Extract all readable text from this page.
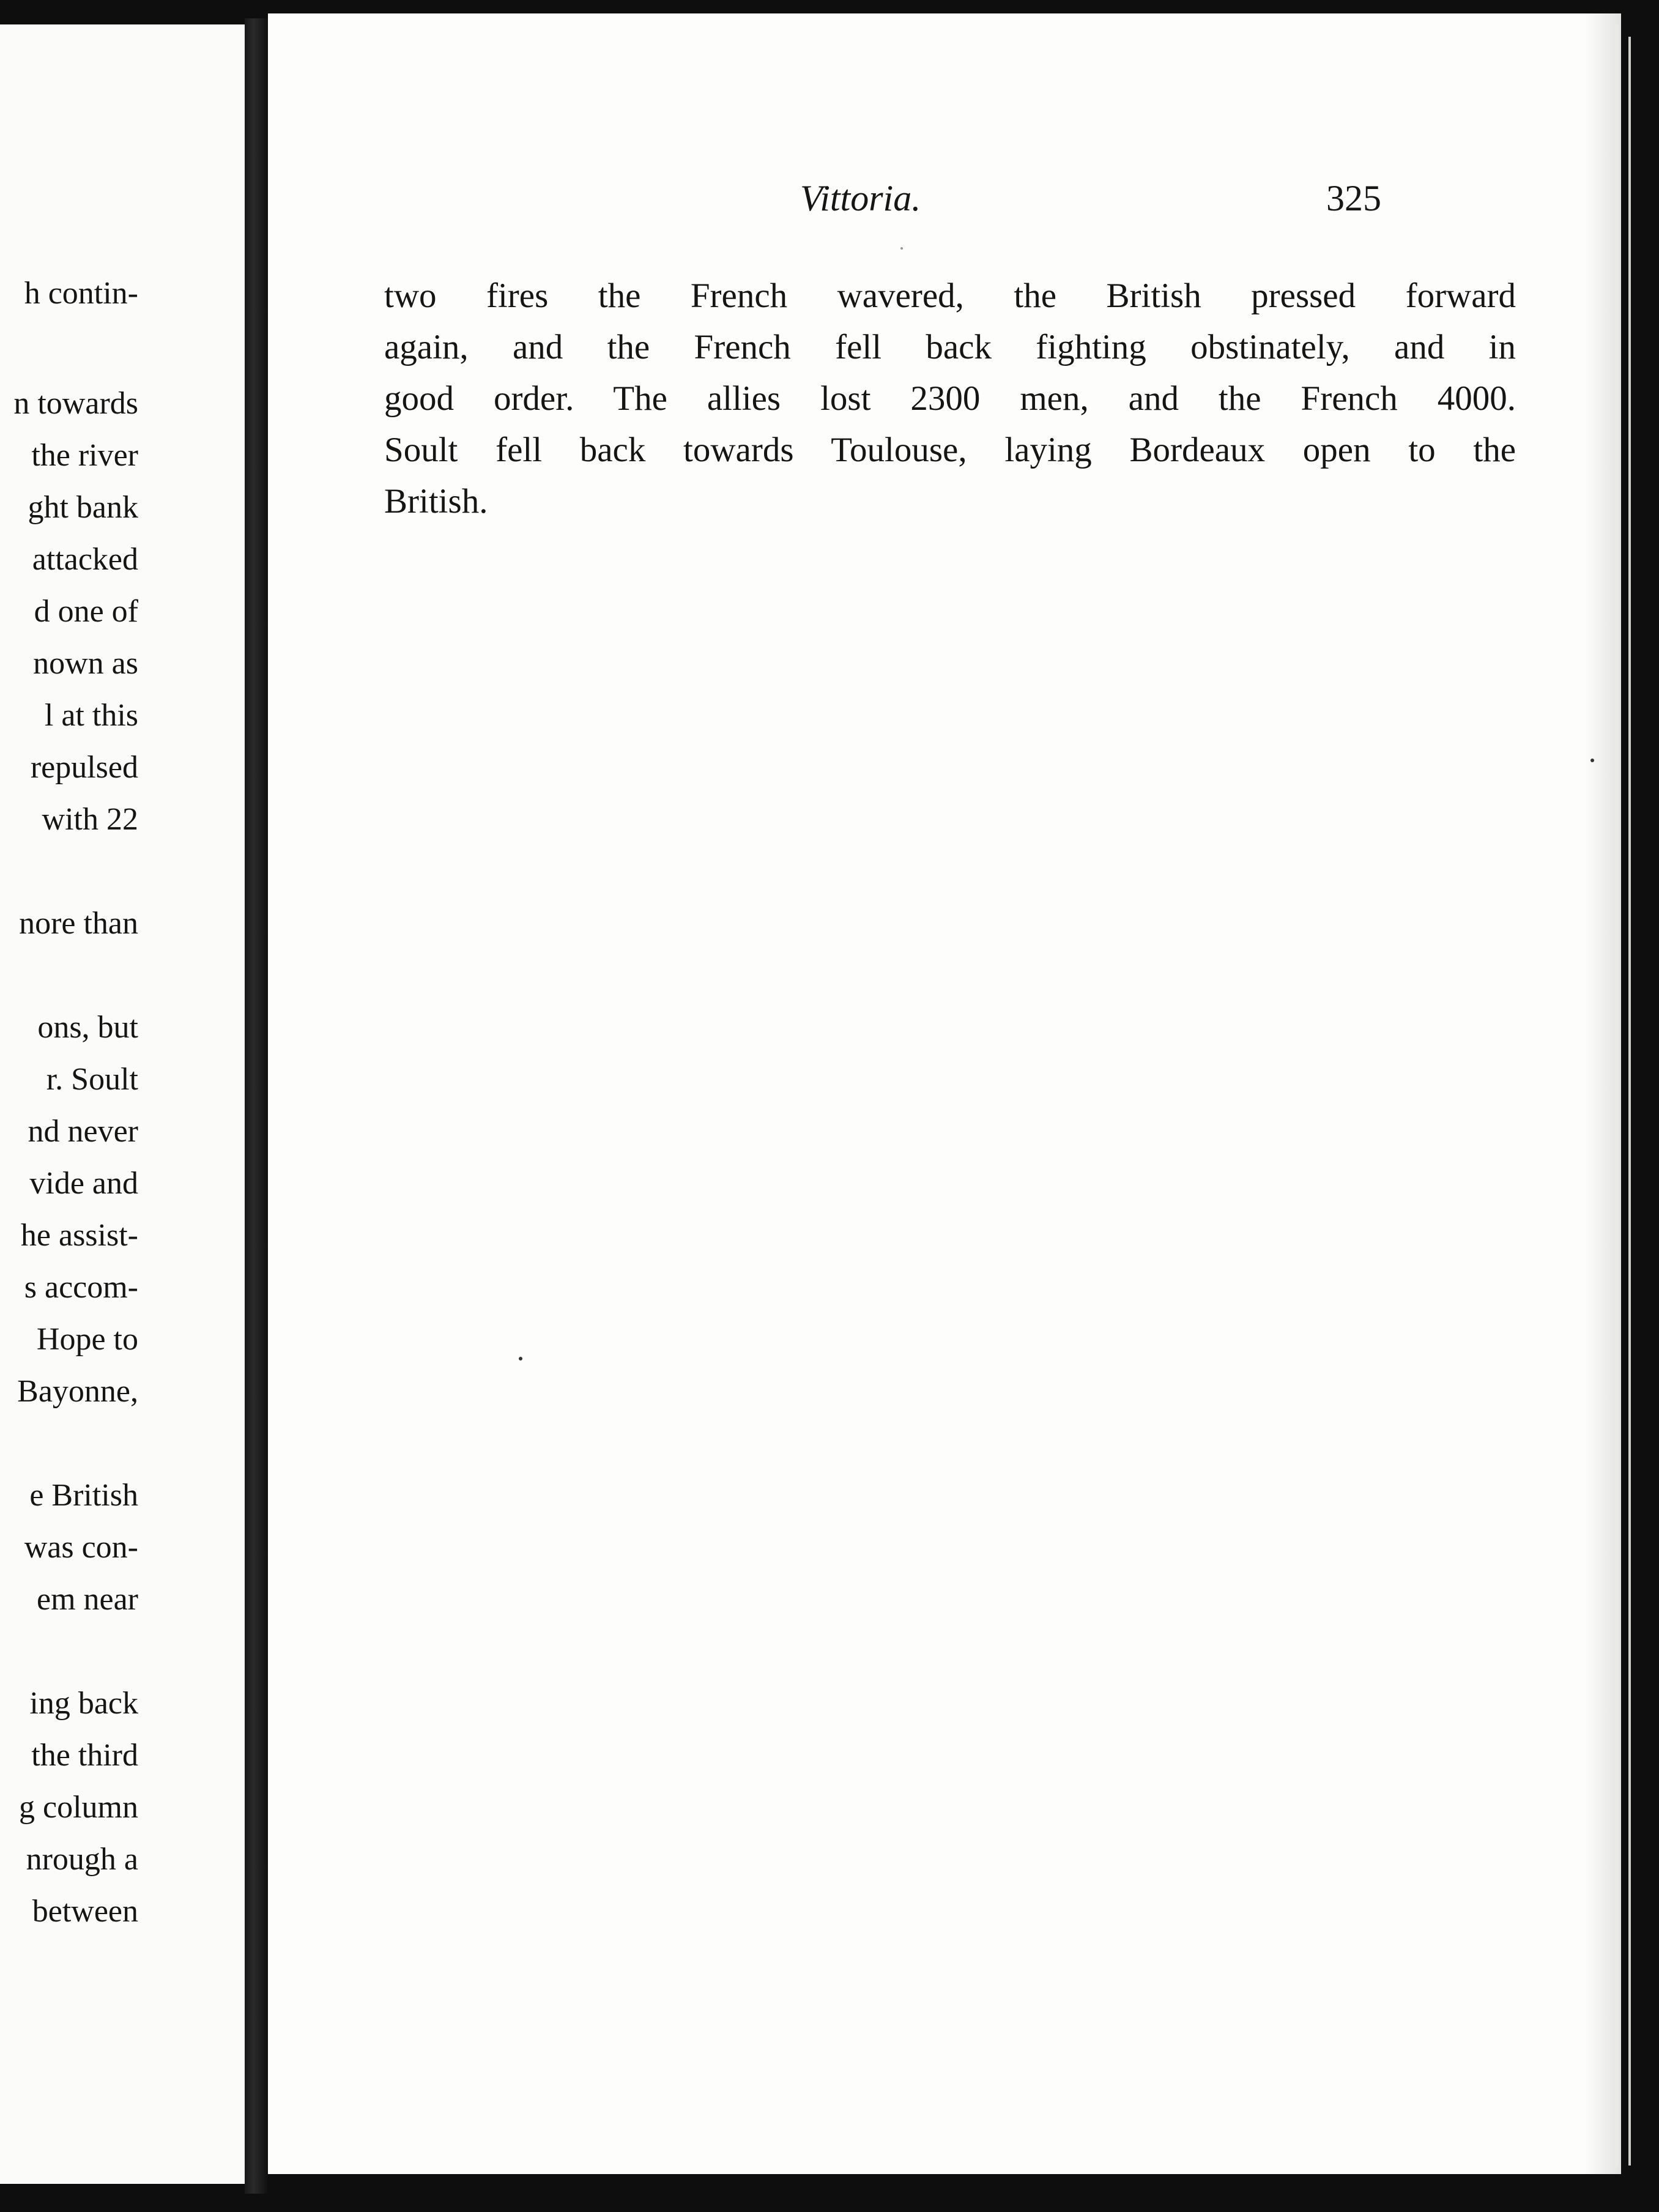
h contin-
n towards
the river
ght bank
attacked
d one of
nown as
l at this
repulsed
with 22
nore than
ons, but
r. Soult
nd never
vide and
he assist-
s accom-
Hope to
Bayonne,
e British
was con-
em near
ing back
the third
g column
nrough a
between
Vittoria.	325
two fires the French wavered, the British pressed forward
again, and the French fell back fighting obstinately, and in
good order. The allies lost 2300 men, and the French 4000.
Soult fell back towards Toulouse, laying Bordeaux open to the
British.
